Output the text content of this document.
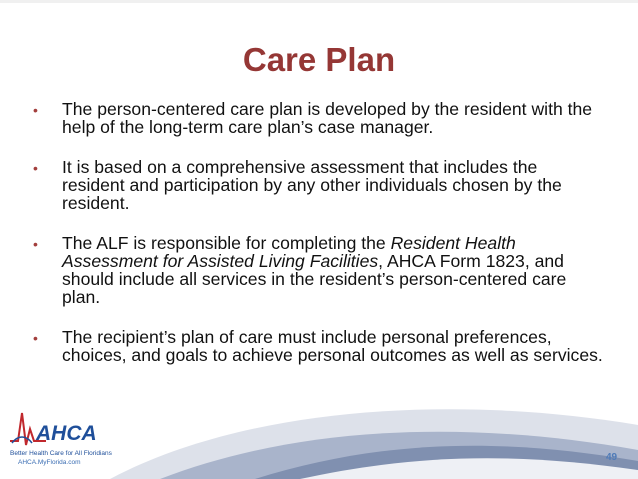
Care Plan
• The person-centered care plan is developed by the resident with the help of the long-term care plan’s case manager.
• It is based on a comprehensive assessment that includes the resident and participation by any other individuals chosen by the resident.
• The ALF is responsible for completing the Resident Health Assessment for Assisted Living Facilities, AHCA Form 1823, and should include all services in the resident’s person-centered care plan.
• The recipient’s plan of care must include personal preferences, choices, and goals to achieve personal outcomes as well as services.
AHCA
Better Health Care for All Floridians
AHCA.MyFlorida.com	49
